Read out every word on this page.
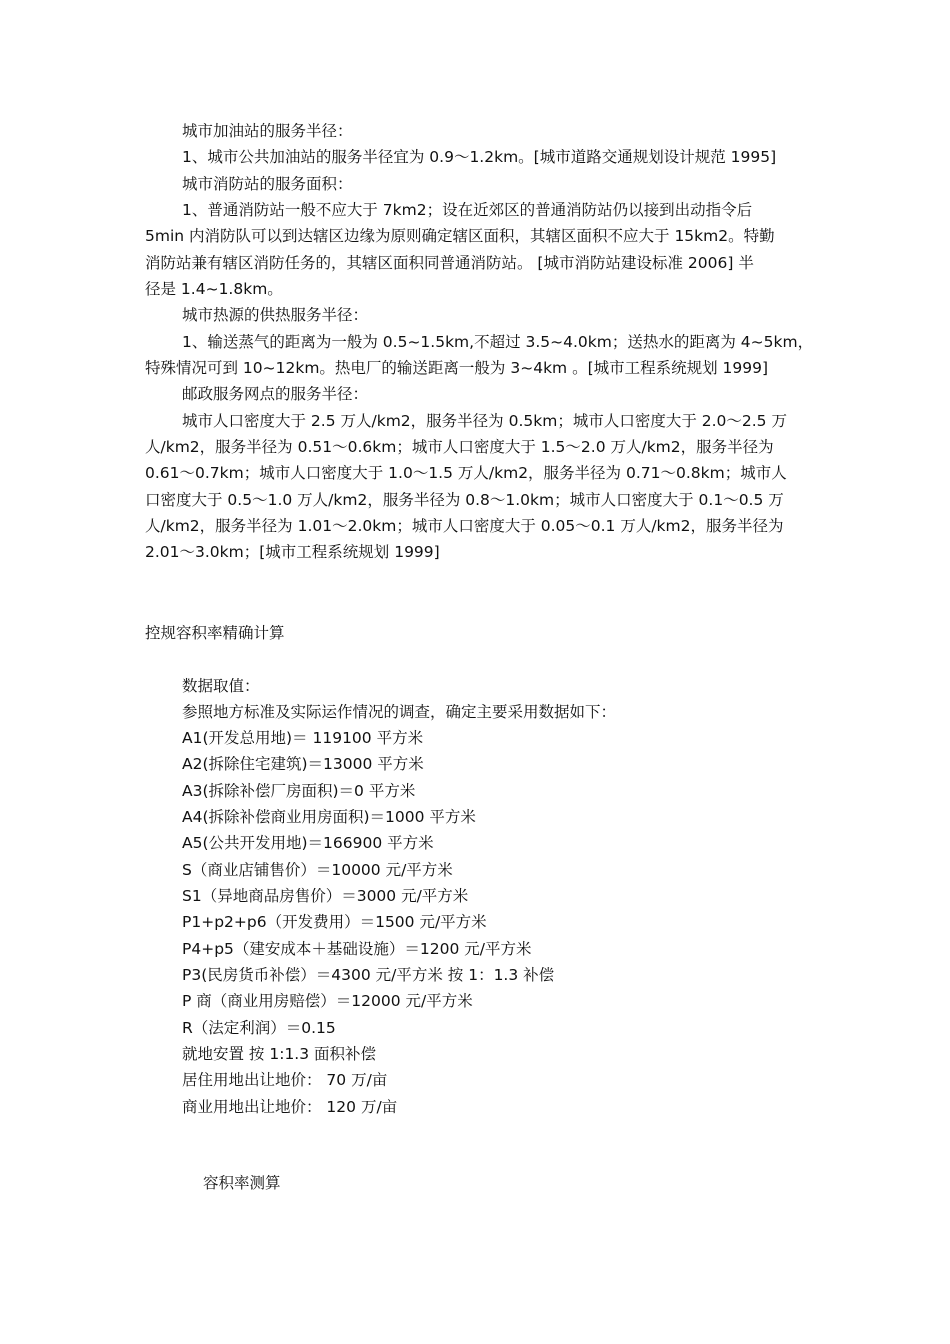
城市加油站的服务半径：
1、城市公共加油站的服务半径宜为 0.9～1.2km。[城市道路交通规划设计规范 1995]
城市消防站的服务面积：
1、普通消防站一般不应大于 7km2；设在近郊区的普通消防站仍以接到出动指令后
5min 内消防队可以到达辖区边缘为原则确定辖区面积，其辖区面积不应大于 15km2。特勤
消防站兼有辖区消防任务的，其辖区面积同普通消防站。 [城市消防站建设标准 2006] 半
径是 1.4~1.8km。
城市热源的供热服务半径：
1、输送蒸气的距离为一般为 0.5~1.5km,不超过 3.5~4.0km；送热水的距离为 4~5km，
特殊情况可到 10~12km。热电厂的输送距离一般为 3~4km 。[城市工程系统规划 1999]
邮政服务网点的服务半径：
城市人口密度大于 2.5 万人/km2，服务半径为 0.5km；城市人口密度大于 2.0～2.5 万
人/km2，服务半径为 0.51～0.6km；城市人口密度大于 1.5～2.0 万人/km2，服务半径为
0.61～0.7km；城市人口密度大于 1.0～1.5 万人/km2，服务半径为 0.71～0.8km；城市人
口密度大于 0.5～1.0 万人/km2，服务半径为 0.8～1.0km；城市人口密度大于 0.1～0.5 万
人/km2，服务半径为 1.01～2.0km；城市人口密度大于 0.05～0.1 万人/km2，服务半径为
2.01～3.0km；[城市工程系统规划 1999]
控规容积率精确计算
数据取值：
参照地方标准及实际运作情况的调查，确定主要采用数据如下：
A1(开发总用地)＝ 119100 平方米
A2(拆除住宅建筑)＝13000 平方米
A3(拆除补偿厂房面积)＝0 平方米
A4(拆除补偿商业用房面积)＝1000 平方米
A5(公共开发用地)＝166900 平方米
S（商业店铺售价）＝10000 元/平方米
S1（异地商品房售价）＝3000 元/平方米
P1+p2+p6（开发费用）＝1500 元/平方米
P4+p5（建安成本＋基础设施）＝1200 元/平方米
P3(民房货币补偿）＝4300 元/平方米 按 1：1.3 补偿
P 商（商业用房赔偿）＝12000 元/平方米
R（法定利润）＝0.15
就地安置 按 1:1.3 面积补偿
居住用地出让地价： 70 万/亩
商业用地出让地价： 120 万/亩
容积率测算
